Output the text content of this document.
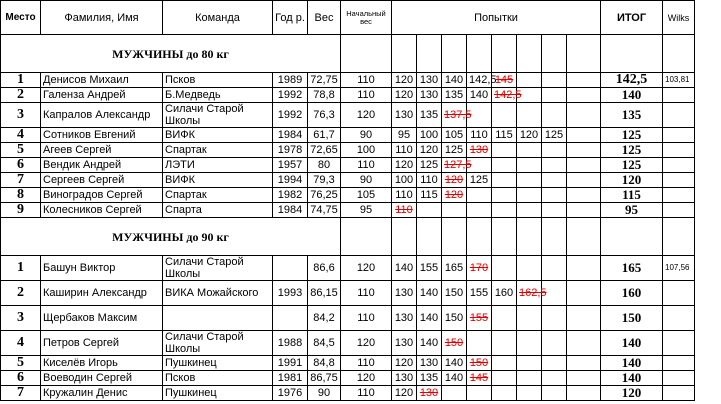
Место	Фамилия, Имя	Команда	Год р.	Вес	Начальный вес	Попытки								ИТОГ	Wilks	
МУЖЧИНЫ до 80 кг																
1	Денисов Михаил	Псков	1989	72,75	110	120	130	140	142,5	145				142,5	103,81	
2	Галенза Андрей	Б.Медведь	1992	78,8	110	120	130	135	140	142,5				140		
3	Капралов Александр	Силачи Старой Школы	1992	76,3	120	130	135	137,5						135		
4	Сотников Евгений	ВИФК	1984	61,7	90	95	100	105	110	115	120	125		125		
5	Агеев Сергей	Спартак	1978	72,65	100	110	120	125	130					125		
6	Вендик Андрей	ЛЭТИ	1957	80	110	120	125	127,5						125		
7	Сергеев Сергей	ВИФК	1994	79,3	90	100	110	120	125					120		
8	Виноградов Сергей	Спартак	1982	76,25	105	110	115	120						115		
9	Колесников Сергей	Спарта	1984	74,75	95	110								95		
МУЖЧИНЫ до 90 кг																
1	Башун Виктор	Силачи Старой Школы		86,6	120	140	155	165	170					165	107,56	
2	Каширин Александр	ВИКА Можайского	1993	86,15	110	130	140	150	155	160	162,5			160		
3	Щербаков Максим			84,2	110	130	140	150	155					150		
4	Петров Сергей	Силачи Старой Школы	1988	84,5	120	130	140	150						140		
5	Киселёв Игорь	Пушкинец	1991	84,8	110	120	130	140	150					140		
6	Воеводин Сергей	Псков	1981	86,75	120	130	135	140	145					140		
7	Кружалин Денис	Пушкинец	1976	90	110	120	130							120		
